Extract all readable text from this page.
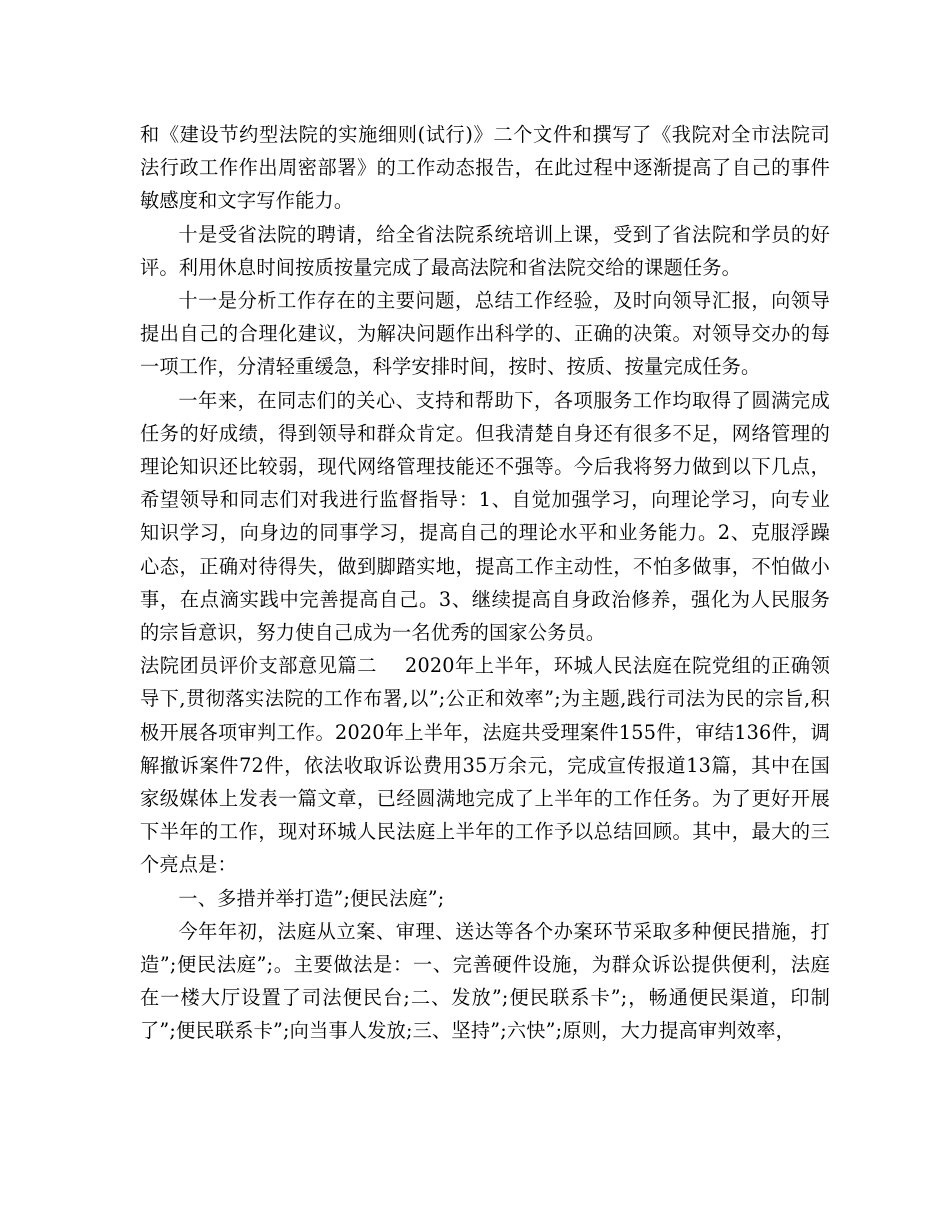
和《建设节约型法院的实施细则(试行)》二个文件和撰写了《我院对全市法院司法行政工作作出周密部署》的工作动态报告，在此过程中逐渐提高了自己的事件敏感度和文字写作能力。

十是受省法院的聘请，给全省法院系统培训上课，受到了省法院和学员的好评。利用休息时间按质按量完成了最高法院和省法院交给的课题任务。

十一是分析工作存在的主要问题，总结工作经验，及时向领导汇报，向领导提出自己的合理化建议，为解决问题作出科学的、正确的决策。对领导交办的每一项工作，分清轻重缓急，科学安排时间，按时、按质、按量完成任务。

一年来，在同志们的关心、支持和帮助下，各项服务工作均取得了圆满完成任务的好成绩，得到领导和群众肯定。但我清楚自身还有很多不足，网络管理的理论知识还比较弱，现代网络管理技能还不强等。今后我将努力做到以下几点，希望领导和同志们对我进行监督指导：1、自觉加强学习，向理论学习，向专业知识学习，向身边的同事学习，提高自己的理论水平和业务能力。2、克服浮躁心态，正确对待得失，做到脚踏实地，提高工作主动性，不怕多做事，不怕做小事，在点滴实践中完善提高自己。3、继续提高自身政治修养，强化为人民服务的宗旨意识，努力使自己成为一名优秀的国家公务员。

法院团员评价支部意见篇二 2020年上半年，环城人民法庭在院党组的正确领导下,贯彻落实法院的工作布署,以”;公正和效率”;为主题,践行司法为民的宗旨,积极开展各项审判工作。2020年上半年，法庭共受理案件155件，审结136件，调解撤诉案件72件，依法收取诉讼费用35万余元，完成宣传报道13篇，其中在国家级媒体上发表一篇文章，已经圆满地完成了上半年的工作任务。为了更好开展下半年的工作，现对环城人民法庭上半年的工作予以总结回顾。其中，最大的三个亮点是：

一、多措并举打造”;便民法庭”;

今年年初，法庭从立案、审理、送达等各个办案环节采取多种便民措施，打造”;便民法庭”;。主要做法是：一、完善硬件设施，为群众诉讼提供便利，法庭在一楼大厅设置了司法便民台;二、发放”;便民联系卡”;，畅通便民渠道，印制了”;便民联系卡”;向当事人发放;三、坚持”;六快”;原则，大力提高审判效率，
